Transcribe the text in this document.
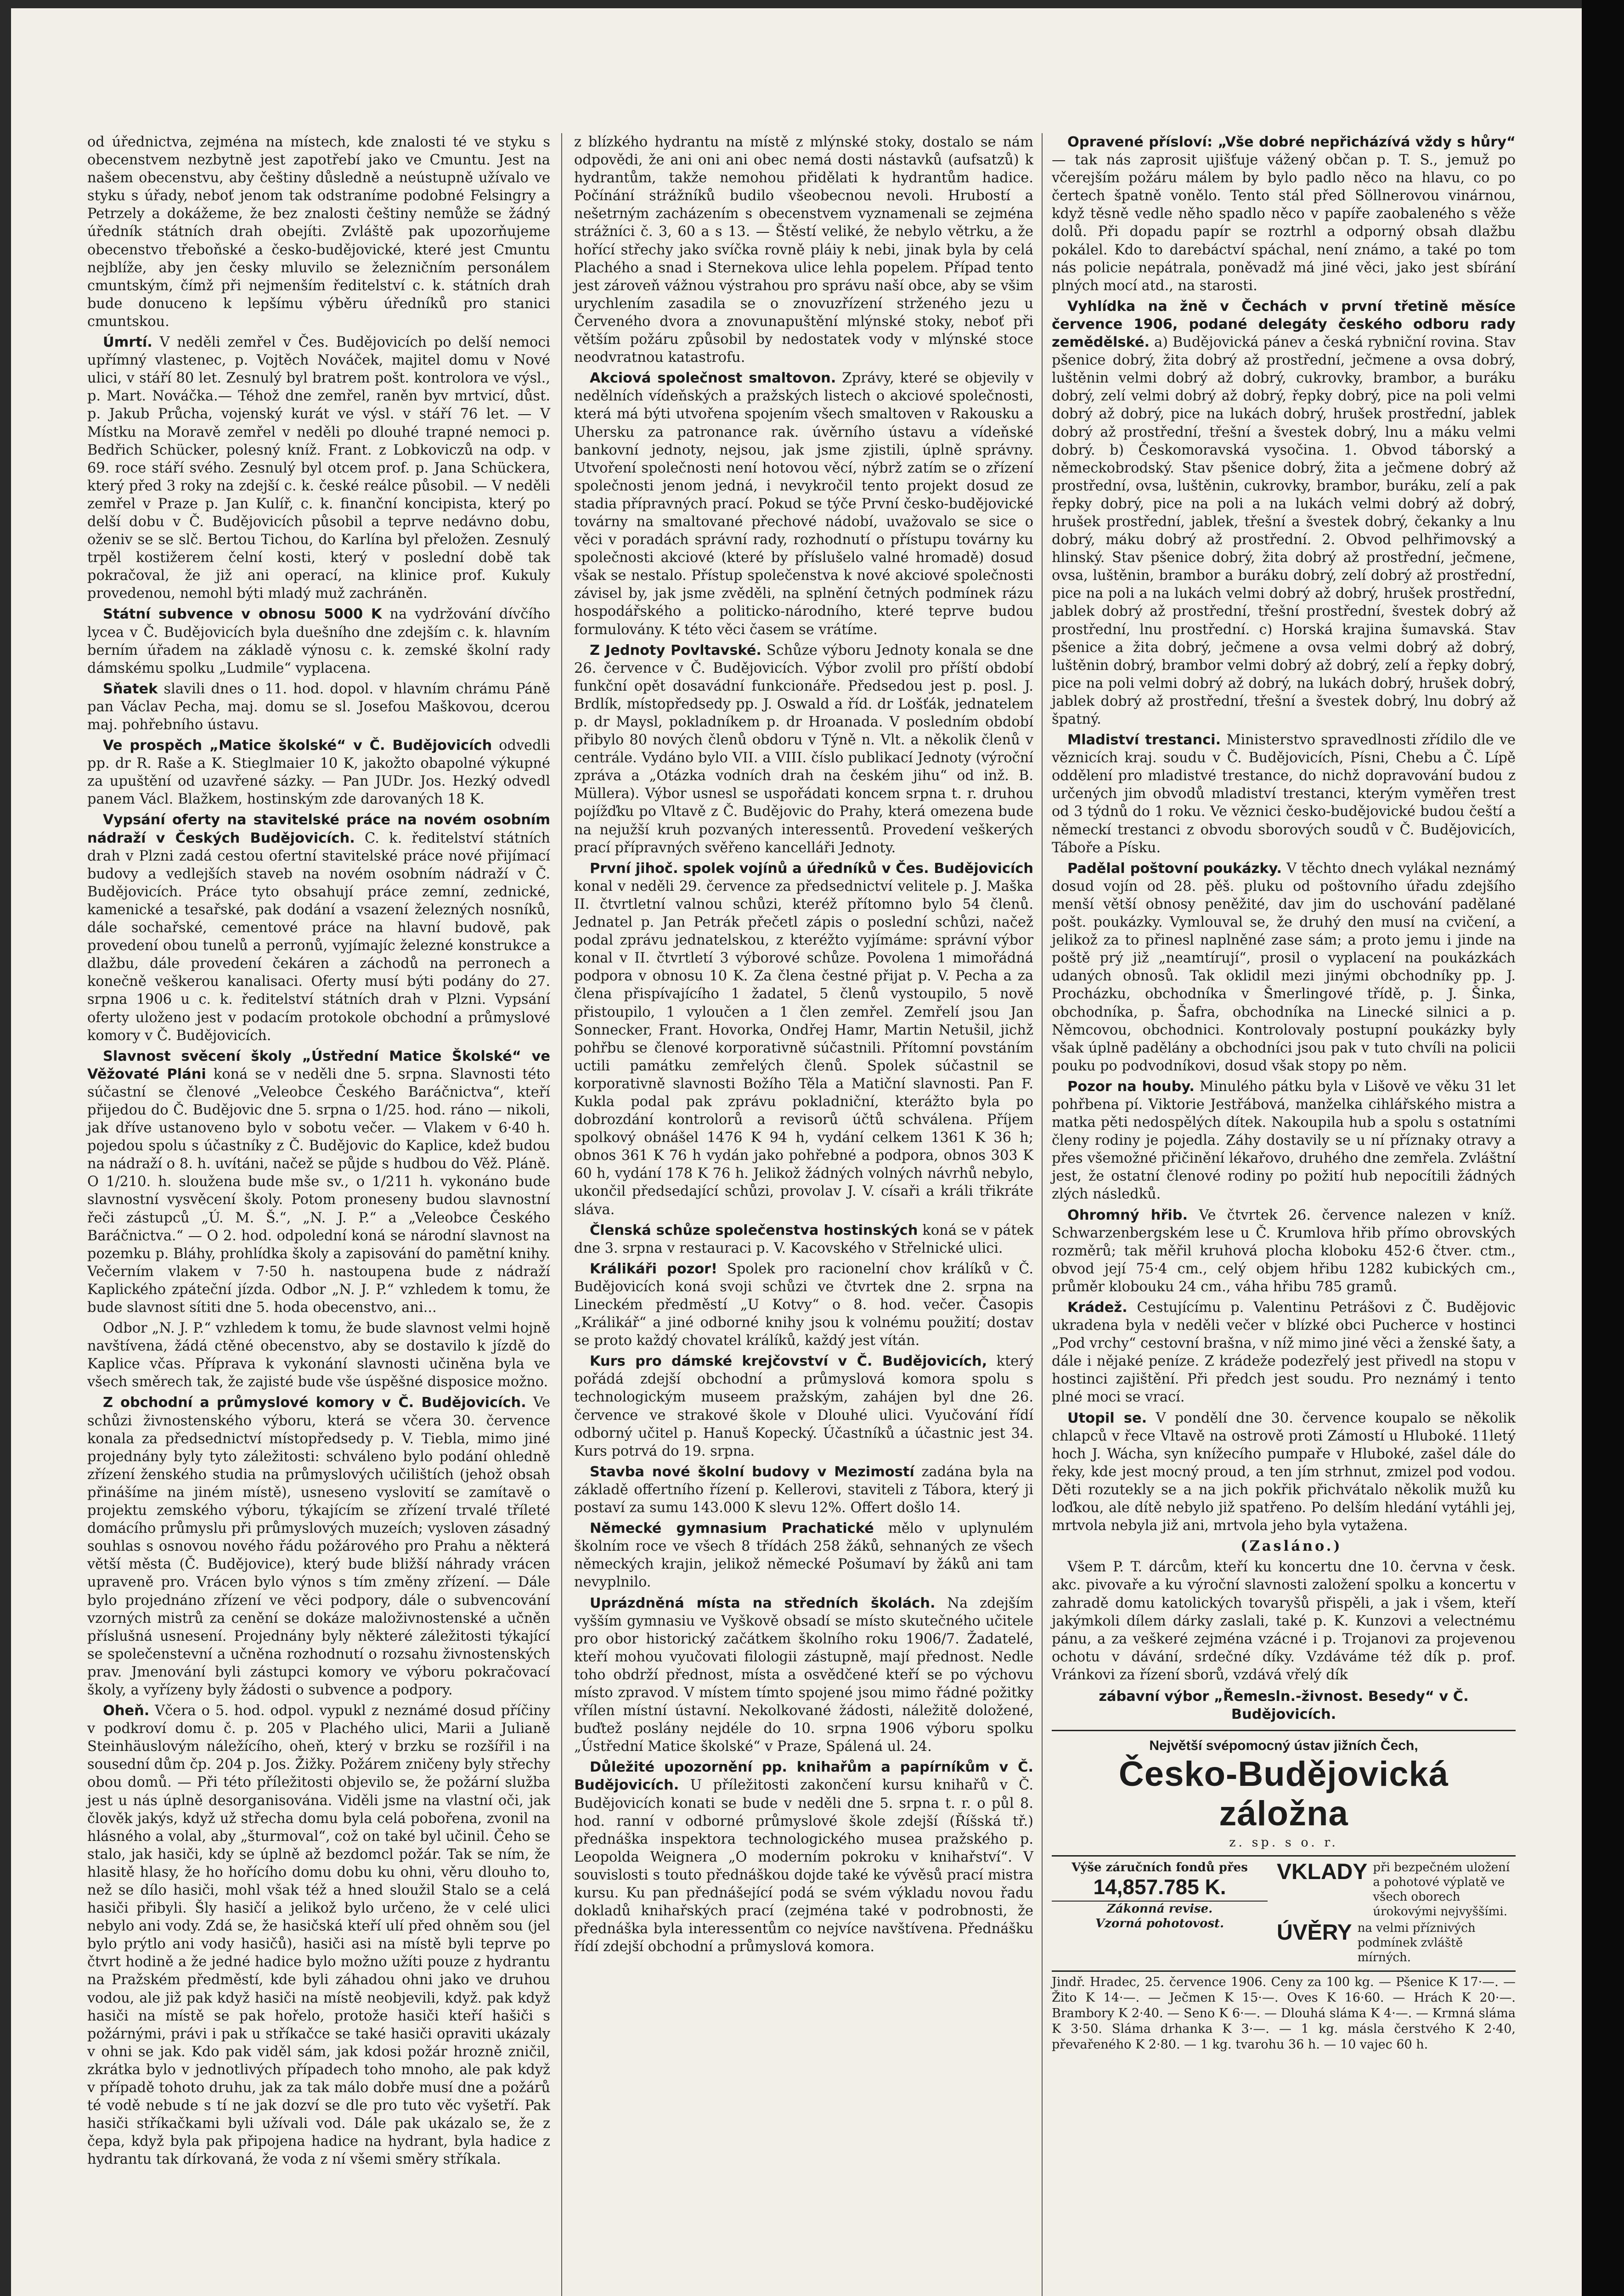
od úřednictva, zejména na místech, kde znalosti té ve styku s obecenstvem nezbytně jest zapotřebí jako ve Cmuntu. Jest na našem obecenstvu, aby češtiny důsledně a neústupně užívalo ve styku s úřady, neboť jenom tak odstraníme podobné Felsingry a Petrzely a dokážeme, že bez znalosti češtiny nemůže se žádný úředník státních drah obejíti. Zvláště pak upozorňujeme obecenstvo třeboňské a česko-budějovické, které jest Cmuntu nejblíže, aby jen česky mluvilo se železničním personálem cmuntským, čímž při nejmenším ředitelství c. k. státních drah bude donuceno k lepšímu výběru úředníků pro stanici cmuntskou.

Úmrtí. V neděli zemřel v Čes. Budějovicích po delší nemoci upřímný vlastenec, p. Vojtěch Nováček, majitel domu v Nové ulici, v stáří 80 let. Zesnulý byl bratrem pošt. kontrolora ve výsl., p. Mart. Nováčka.— Téhož dne zemřel, raněn byv mrtvicí, důst. p. Jakub Průcha, vojenský kurát ve výsl. v stáří 76 let. — V Místku na Moravě zemřel v neděli po dlouhé trapné nemoci p. Bedřich Schücker, polesný kníž. Frant. z Lobkoviczů na odp. v 69. roce stáří svého. Zesnulý byl otcem prof. p. Jana Schückera, který před 3 roky na zdejší c. k. české reálce působil. — V neděli zemřel v Praze p. Jan Kulíř, c. k. finanční koncipista, který po delší dobu v Č. Budějovicích působil a teprve nedávno dobu, oženiv se se slč. Bertou Tichou, do Karlína byl přeložen. Zesnulý trpěl kostižerem čelní kosti, který v poslední době tak pokračoval, že již ani operací, na klinice prof. Kukuly provedenou, nemohl býti mladý muž zachráněn.

Státní subvence v obnosu 5000 K na vydržování dívčího lycea v Č. Budějovicích byla duešního dne zdejším c. k. hlavním berním úřadem na základě výnosu c. k. zemské školní rady dámskému spolku „Ludmile“ vyplacena.

Sňatek slavili dnes o 11. hod. dopol. v hlavním chrámu Páně pan Václav Pecha, maj. domu se sl. Josefou Maškovou, dcerou maj. pohřebního ústavu.

Ve prospěch „Matice školské“ v Č. Budějovicích odvedli pp. dr R. Raše a K. Stieglmaier 10 K, jakožto obapolné výkupné za upuštění od uzavřené sázky. — Pan JUDr. Jos. Hezký odvedl panem Václ. Blažkem, hostinským zde darovaných 18 K.

Vypsání oferty na stavitelské práce na novém osobním nádraží v Českých Budějovicích. C. k. ředitelství státních drah v Plzni zadá cestou ofertní stavitelské práce nové přijímací budovy a vedlejších staveb na novém osobním nádraží v Č. Budějovicích. Práce tyto obsahují práce zemní, zednické, kamenické a tesařské, pak dodání a vsazení železných nosníků, dále sochařské, cementové práce na hlavní budově, pak provedení obou tunelů a perronů, vyjímajíc železné konstrukce a dlažbu, dále provedení čekáren a záchodů na perronech a konečně veškerou kanalisaci. Oferty musí býti podány do 27. srpna 1906 u c. k. ředitelství státních drah v Plzni. Vypsání oferty uloženo jest v podacím protokole obchodní a průmyslové komory v Č. Budějovicích.

Slavnost svěcení školy „Ústřední Matice Školské“ ve Věžovaté Pláni koná se v neděli dne 5. srpna. Slavnosti této súčastní se členové „Veleobce Českého Baráčnictva“, kteří přijedou do Č. Budějovic dne 5. srpna o 1/25. hod. ráno — nikoli, jak dříve ustanoveno bylo v sobotu večer. — Vlakem v 6·40 h. pojedou spolu s účastníky z Č. Budějovic do Kaplice, kdež budou na nádraží o 8. h. uvítáni, načež se půjde s hudbou do Věž. Pláně. O 1/210. h. sloužena bude mše sv., o 1/211 h. vykonáno bude slavnostní vysvěcení školy. Potom proneseny budou slavnostní řeči zástupců „Ú. M. Š.“, „N. J. P.“ a „Veleobce Českého Baráčnictva.“ — O 2. hod. odpolední koná se národní slavnost na pozemku p. Bláhy, prohlídka školy a zapisování do pamětní knihy. Večerním vlakem v 7·50 h. nastoupena bude z nádraží Kaplického zpáteční jízda. Odbor „N. J. P.“ vzhledem k tomu, že bude slavnost sítiti dne 5. hoda obecenstvo, ani...

Odbor „N. J. P.“ vzhledem k tomu, že bude slavnost velmi hojně navštívena, žádá ctěné obecenstvo, aby se dostavilo k jízdě do Kaplice včas. Příprava k vykonání slavnosti učiněna byla ve všech směrech tak, že zajisté bude vše úspěšné disposice možno.

Z obchodní a průmyslové komory v Č. Budějovicích. Ve schůzi živnostenského výboru, která se včera 30. července konala za předsednictví místopředsedy p. V. Tiebla, mimo jiné projednány byly tyto záležitosti: schváleno bylo podání ohledně zřízení ženského studia na průmyslových učilištích (jehož obsah přinášíme na jiném místě), usneseno vyslovití se zamítavě o projektu zemského výboru, týkajícím se zřízení trvalé tříleté domácího průmyslu při průmyslových muzeích; vysloven zásadný souhlas s osnovou nového řádu požárového pro Prahu a některá větší města (Č. Budějovice), který bude bližší náhrady vrácen upraveně pro. Vrácen bylo výnos s tím změny zřízení. — Dále bylo projednáno zřízení ve věci podpory, dále o subvencování vzorných mistrů za cenění se dokáze maloživnostenské a učněn příslušná usnesení. Projednány byly některé záležitosti týkající se společenstevní a učněna rozhodnutí o rozsahu živnostenských prav. Jmenování byli zástupci komory ve výboru pokračovací školy, a vyřízeny byly žádosti o subvence a podpory.

Oheň. Včera o 5. hod. odpol. vypukl z neznámé dosud příčiny v podkroví domu č. p. 205 v Plachého ulici, Marii a Julianě Steinhäuslovým náležícího, oheň, který v brzku se rozšířil i na sousední dům čp. 204 p. Jos. Žižky. Požárem zničeny byly střechy obou domů. — Při této příležitosti objevilo se, že požární služba jest u nás úplně desorganisována. Viděli jsme na vlastní oči, jak člověk jakýs, když už střecha domu byla celá pobořena, zvonil na hlásného a volal, aby „šturmoval“, což on také byl učinil. Čeho se stalo, jak hasiči, kdy se úplně až bezdomcl požár. Tak se ním, že hlasitě hlasy, že ho hořícího domu dobu ku ohni, věru dlouho to, než se dílo hasiči, mohl však též a hned sloužil Stalo se a celá hasiči přibyli. Šly hasičí a jelikož bylo určeno, že v celé ulici nebylo ani vody. Zdá se, že hasičská kteří ulí před ohněm sou (jel bylo prýtlo ani vody hasičů), hasiči asi na místě byli teprve po čtvrt hodině a že jedné hadice bylo možno užíti pouze z hydrantu na Pražském předměstí, kde byli záhadou ohni jako ve druhou vodou, ale již pak když hasiči na místě neobjevili, když. pak když hasiči na místě se pak hořelo, protože hasiči kteří hašiči s požárnými, právi i pak u stříkačce se také hasiči opraviti ukázaly v ohni se jak. Kdo pak viděl sám, jak kdosi požár hrozně zničil, zkrátka bylo v jednotlivých případech toho mnoho, ale pak když v případě tohoto druhu, jak za tak málo dobře musí dne a požárů té vodě nebude s tí ne jak dozví se dle pro tuto věc vyšetří. Pak hasiči stříkačkami byli užívali vod. Dále pak ukázalo se, že z čepa, když byla pak připojena hadice na hydrant, byla hadice z hydrantu tak dírkovaná, že voda z ní všemi směry stříkala.

z blízkého hydrantu na místě z mlýnské stoky, dostalo se nám odpovědi, že ani oni ani obec nemá dosti nástavků (aufsatzů) k hydrantům, takže nemohou přidělati k hydrantům hadice. Počínání strážníků budilo všeobecnou nevoli. Hrubostí a nešetrným zacházením s obecenstvem vyznamenali se zejména strážníci č. 3, 60 a s 13. — Štěstí veliké, že nebylo větrku, a že hořící střechy jako svíčka rovně pláiy k nebi, jinak byla by celá Plachého a snad i Sternekova ulice lehla popelem. Případ tento jest zároveň vážnou výstrahou pro správu naší obce, aby se všim urychlením zasadila se o znovuzřízení strženého jezu u Červeného dvora a znovunapuštění mlýnské stoky, neboť při větším požáru způsobil by nedostatek vody v mlýnské stoce neodvratnou katastrofu.

Akciová společnost smaltovon. Zprávy, které se objevily v nedělních vídeňských a pražských listech o akciové společnosti, která má býti utvořena spojením všech smaltoven v Rakousku a Uhersku za patronance rak. úvěrního ústavu a vídeňské bankovní jednoty, nejsou, jak jsme zjistili, úplně správny. Utvoření společnosti není hotovou věcí, nýbrž zatím se o zřízení společnosti jenom jedná, i nevykročil tento projekt dosud ze stadia přípravných prací. Pokud se týče První česko-budějovické továrny na smaltované přechové nádobí, uvažovalo se sice o věci v poradách správní rady, rozhodnutí o přístupu továrny ku společnosti akciové (které by příslušelo valné hromadě) dosud však se nestalo. Přístup společenstva k nové akciové společnosti závisel by, jak jsme zvěděli, na splnění četných podmínek rázu hospodářského a politicko-národního, které teprve budou formulovány. K této věci časem se vrátíme.

Z Jednoty Povltavské. Schůze výboru Jednoty konala se dne 26. července v Č. Budějovicích. Výbor zvolil pro příští období funkční opět dosavádní funkcionáře. Předsedou jest p. posl. J. Brdlík, místopředsedy pp. J. Oswald a říd. dr Lošťák, jednatelem p. dr Maysl, pokladníkem p. dr Hroanada. V posledním období přibylo 80 nových členů obdoru v Týně n. Vlt. a několik členů v centrále. Vydáno bylo VII. a VIII. číslo publikací Jednoty (výroční zpráva a „Otázka vodních drah na českém jihu“ od inž. B. Müllera). Výbor usnesl se uspořádati koncem srpna t. r. druhou pojížďku po Vltavě z Č. Budějovic do Prahy, která omezena bude na nejužší kruh pozvaných interessentů. Provedení veškerých prací přípravných svěřeno kancelláři Jednoty.

První jihoč. spolek vojínů a úředníků v Čes. Budějovicích konal v neděli 29. července za předsednictví velitele p. J. Maška II. čtvrtletní valnou schůzi, kteréž přítomno bylo 54 členů. Jednatel p. Jan Petrák přečetl zápis o poslední schůzi, načež podal zprávu jednatelskou, z kteréžto vyjímáme: správní výbor konal v II. čtvrtletí 3 výborové schůze. Povolena 1 mimořádná podpora v obnosu 10 K. Za člena čestné přijat p. V. Pecha a za člena přispívajícího 1 žadatel, 5 členů vystoupilo, 5 nově přistoupilo, 1 vyloučen a 1 člen zemřel. Zemřelí jsou Jan Sonnecker, Frant. Hovorka, Ondřej Hamr, Martin Netušil, jichž pohřbu se členové korporativně súčastnili. Přítomní povstáním uctili památku zemřelých členů. Spolek súčastnil se korporativně slavnosti Božího Těla a Matiční slavnosti. Pan F. Kukla podal pak zprávu pokladniční, kterážto byla po dobrozdání kontrolorů a revisorů účtů schválena. Příjem spolkový obnášel 1476 K 94 h, vydání celkem 1361 K 36 h; obnos 361 K 76 h vydán jako pohřebné a podpora, obnos 303 K 60 h, vydání 178 K 76 h. Jelikož žádných volných návrhů nebylo, ukončil předsedající schůzi, provolav J. V. císaři a králi třikráte sláva.

Členská schůze společenstva hostinských koná se v pátek dne 3. srpna v restauraci p. V. Kacovského v Střelnické ulici.

Králikáři pozor! Spolek pro racionelní chov králíků v Č. Budějovicích koná svoji schůzi ve čtvrtek dne 2. srpna na Lineckém předměstí „U Kotvy“ o 8. hod. večer. Časopis „Králikář“ a jiné odborné knihy jsou k volnému použití; dostav se proto každý chovatel králíků, každý jest vítán.

Kurs pro dámské krejčovství v Č. Budějovicích, který pořádá zdejší obchodní a průmyslová komora spolu s technologickým museem pražským, zahájen byl dne 26. července ve strakové škole v Dlouhé ulici. Vyučování řídí odborný učitel p. Hanuš Kopecký. Účastníků a účastnic jest 34. Kurs potrvá do 19. srpna.

Stavba nové školní budovy v Mezimostí zadána byla na základě offertního řízení p. Kellerovi, staviteli z Tábora, který ji postaví za sumu 143.000 K slevu 12%. Offert došlo 14.

Německé gymnasium Prachatické mělo v uplynulém školním roce ve všech 8 třídách 258 žáků, sehnaných ze všech německých krajin, jelikož německé Pošumaví by žáků ani tam nevyplnilo.

Uprázdněná místa na středních školách. Na zdejším vyšším gymnasiu ve Vyškově obsadí se místo skutečného učitele pro obor historický začátkem školního roku 1906/7. Žadatelé, kteří mohou vyučovati filologii zástupně, mají přednost. Nedle toho obdrží přednost, místa a osvědčené kteří se po výchovu místo zpravod. V místem tímto spojené jsou mimo řádné požitky vřílen místní ústavní. Nekolkované žádosti, náležitě doložené, buďtež poslány nejdéle do 10. srpna 1906 výboru spolku „Ústřední Matice školské“ v Praze, Spálená ul. 24.

Důležité upozornění pp. knihařům a papírníkům v Č. Budějovicích. U příležitosti zakončení kursu knihařů v Č. Budějovicích konati se bude v neděli dne 5. srpna t. r. o půl 8. hod. ranní v odborné průmyslové škole zdejší (Říšská tř.) přednáška inspektora technologického musea pražského p. Leopolda Weignera „O moderním pokroku v knihařství“. V souvislosti s touto přednáškou dojde také ke vývěsů prací mistra kursu. Ku pan přednášející podá se svém výkladu novou řadu dokladů knihařských prací (zejména také v podrobnosti, že přednáška byla interessentům co nejvíce navštívena. Přednášku řídí zdejší obchodní a průmyslová komora.

Opravené přísloví: „Vše dobré nepřicházívá vždy s hůry“ — tak nás zaprosit ujišťuje vážený občan p. T. S., jemuž po včerejším požáru málem by bylo padlo něco na hlavu, co po čertech špatně vonělo. Tento stál před Söllnerovou vinárnou, když těsně vedle něho spadlo něco v papíře zaobaleného s věže dolů. Při dopadu papír se roztrhl a odporný obsah dlažbu pokálel. Kdo to darebáctví spáchal, není známo, a také po tom nás policie nepátrala, poněvadž má jiné věci, jako jest sbírání plných mocí atd., na starosti.

Vyhlídka na žně v Čechách v první třetině měsíce července 1906, podané delegáty českého odboru rady zemědělské. a) Budějovická pánev a česká rybniční rovina. Stav pšenice dobrý, žita dobrý až prostřední, ječmene a ovsa dobrý, luštěnin velmi dobrý až dobrý, cukrovky, brambor, a buráku dobrý, zelí velmi dobrý až dobrý, řepky dobrý, pice na poli velmi dobrý až dobrý, pice na lukách dobrý, hrušek prostřední, jablek dobrý až prostřední, třešní a švestek dobrý, lnu a máku velmi dobrý. b) Českomoravská vysočina. 1. Obvod táborský a německobrodský. Stav pšenice dobrý, žita a ječmene dobrý až prostřední, ovsa, luštěnin, cukrovky, brambor, buráku, zelí a pak řepky dobrý, pice na poli a na lukách velmi dobrý až dobrý, hrušek prostřední, jablek, třešní a švestek dobrý, čekanky a lnu dobrý, máku dobrý až prostřední. 2. Obvod pelhřimovský a hlinský. Stav pšenice dobrý, žita dobrý až prostřední, ječmene, ovsa, luštěnin, brambor a buráku dobrý, zelí dobrý až prostřední, pice na poli a na lukách velmi dobrý až dobrý, hrušek prostřední, jablek dobrý až prostřední, třešní prostřední, švestek dobrý až prostřední, lnu prostřední. c) Horská krajina šumavská. Stav pšenice a žita dobrý, ječmene a ovsa velmi dobrý až dobrý, luštěnin dobrý, brambor velmi dobrý až dobrý, zelí a řepky dobrý, pice na poli velmi dobrý až dobrý, na lukách dobrý, hrušek dobrý, jablek dobrý až prostřední, třešní a švestek dobrý, lnu dobrý až špatný.

Mladiství trestanci. Ministerstvo spravedlnosti zřídilo dle ve věznicích kraj. soudu v Č. Budějovicích, Písni, Chebu a Č. Lípě oddělení pro mladistvé trestance, do nichž dopravování budou z určených jim obvodů mladiství trestanci, kterým vyměřen trest od 3 týdnů do 1 roku. Ve věznici česko-budějovické budou čeští a německí trestanci z obvodu sborových soudů v Č. Budějovicích, Táboře a Písku.

Padělal poštovní poukázky. V těchto dnech vylákal neznámý dosud vojín od 28. pěš. pluku od poštovního úřadu zdejšího menší větší obnosy peněžité, dav jim do uschování padělané pošt. poukázky. Vymlouval se, že druhý den musí na cvičení, a jelikož za to přinesl naplněné zase sám; a proto jemu i jinde na poště prý již „neamtírují“, prosil o vyplacení na poukázkách udaných obnosů. Tak oklidil mezi jinými obchodníky pp. J. Procházku, obchodníka v Šmerlingové třídě, p. J. Šinka, obchodníka, p. Šafra, obchodníka na Linecké silnici a p. Němcovou, obchodnici. Kontrolovaly postupní poukázky byly však úplně padělány a obchodníci jsou pak v tuto chvíli na policii pouku po podvodníkovi, dosud však stopy po něm.

Pozor na houby. Minulého pátku byla v Lišově ve věku 31 let pohřbena pí. Viktorie Jestřábová, manželka cihlářského mistra a matka pěti nedospělých dítek. Nakoupila hub a spolu s ostatními členy rodiny je pojedla. Záhy dostavily se u ní příznaky otravy a přes všemožné přičinění lékařovo, druhého dne zemřela. Zvláštní jest, že ostatní členové rodiny po požití hub nepocítili žádných zlých následků.

Ohromný hřib. Ve čtvrtek 26. července nalezen v kníž. Schwarzenbergském lese u Č. Krumlova hřib přímo obrovských rozměrů; tak měřil kruhová plocha kloboku 452·6 čtver. ctm., obvod její 75·4 cm., celý objem hřibu 1282 kubických cm., průměr klobouku 24 cm., váha hřibu 785 gramů.

Krádež. Cestujícímu p. Valentinu Petrášovi z Č. Budějovic ukradena byla v neděli večer v blízké obci Pucherce v hostinci „Pod vrchy“ cestovní brašna, v níž mimo jiné věci a ženské šaty, a dále i nějaké peníze. Z krádeže podezřelý jest přivedl na stopu v hostinci zajištění. Při předch jest soudu. Pro neznámý i tento plné moci se vrací.

Utopil se. V pondělí dne 30. července koupalo se několik chlapců v řece Vltavě na ostrově proti Zámostí u Hluboké. 11letý hoch J. Wácha, syn knížecího pumpaře v Hluboké, zašel dále do řeky, kde jest mocný proud, a ten jím strhnut, zmizel pod vodou. Děti rozutekly se a na jich pokřik přichvátalo několik mužů ku loďkou, ale dítě nebylo již spatřeno. Po delším hledání vytáhli jej, mrtvola nebyla již ani, mrtvola jeho byla vytažena.

(Zasláno.)

Všem P. T. dárcům, kteří ku koncertu dne 10. června v česk. akc. pivovaře a ku výroční slavnosti založení spolku a koncertu v zahradě domu katolických tovaryšů přispěli, a jak i všem, kteří jakýmkoli dílem dárky zaslali, také p. K. Kunzovi a velectnému pánu, a za veškeré zejména vzácné i p. Trojanovi za projevenou ochotu v dávání, srdečné díky. Vzdáváme též dík p. prof. Vránkovi za řízení sborů, vzdává vřelý dík

zábavní výbor „Řemesln.-živnost. Besedy“ v Č. Budějovicích.

Největší svépomocný ústav jižních Čech,
Česko-Budějovická záložna
z. sp. s o. r.
Výše záručních fondů přes
14,857.785 K.
Zákonná revise.
Vzorná pohotovost.
VKLADY při bezpečném uložení a pohotové výplatě ve všech oborech úrokovými nejvyššími.
ÚVĚRY na velmi příznivých podmínek zvláště mírných.
Jindř. Hradec, 25. července 1906. Ceny za 100 kg. — Pšenice K 17·—. — Žito K 14·—. — Ječmen K 15·—. Oves K 16·60. — Hrách K 20·—. Brambory K 2·40. — Seno K 6·—. — Dlouhá sláma K 4·—. — Krmná sláma K 3·50. Sláma drhanka K 3·—. — 1 kg. másla čerstvého K 2·40, převařeného K 2·80. — 1 kg. tvarohu 36 h. — 10 vajec 60 h.
